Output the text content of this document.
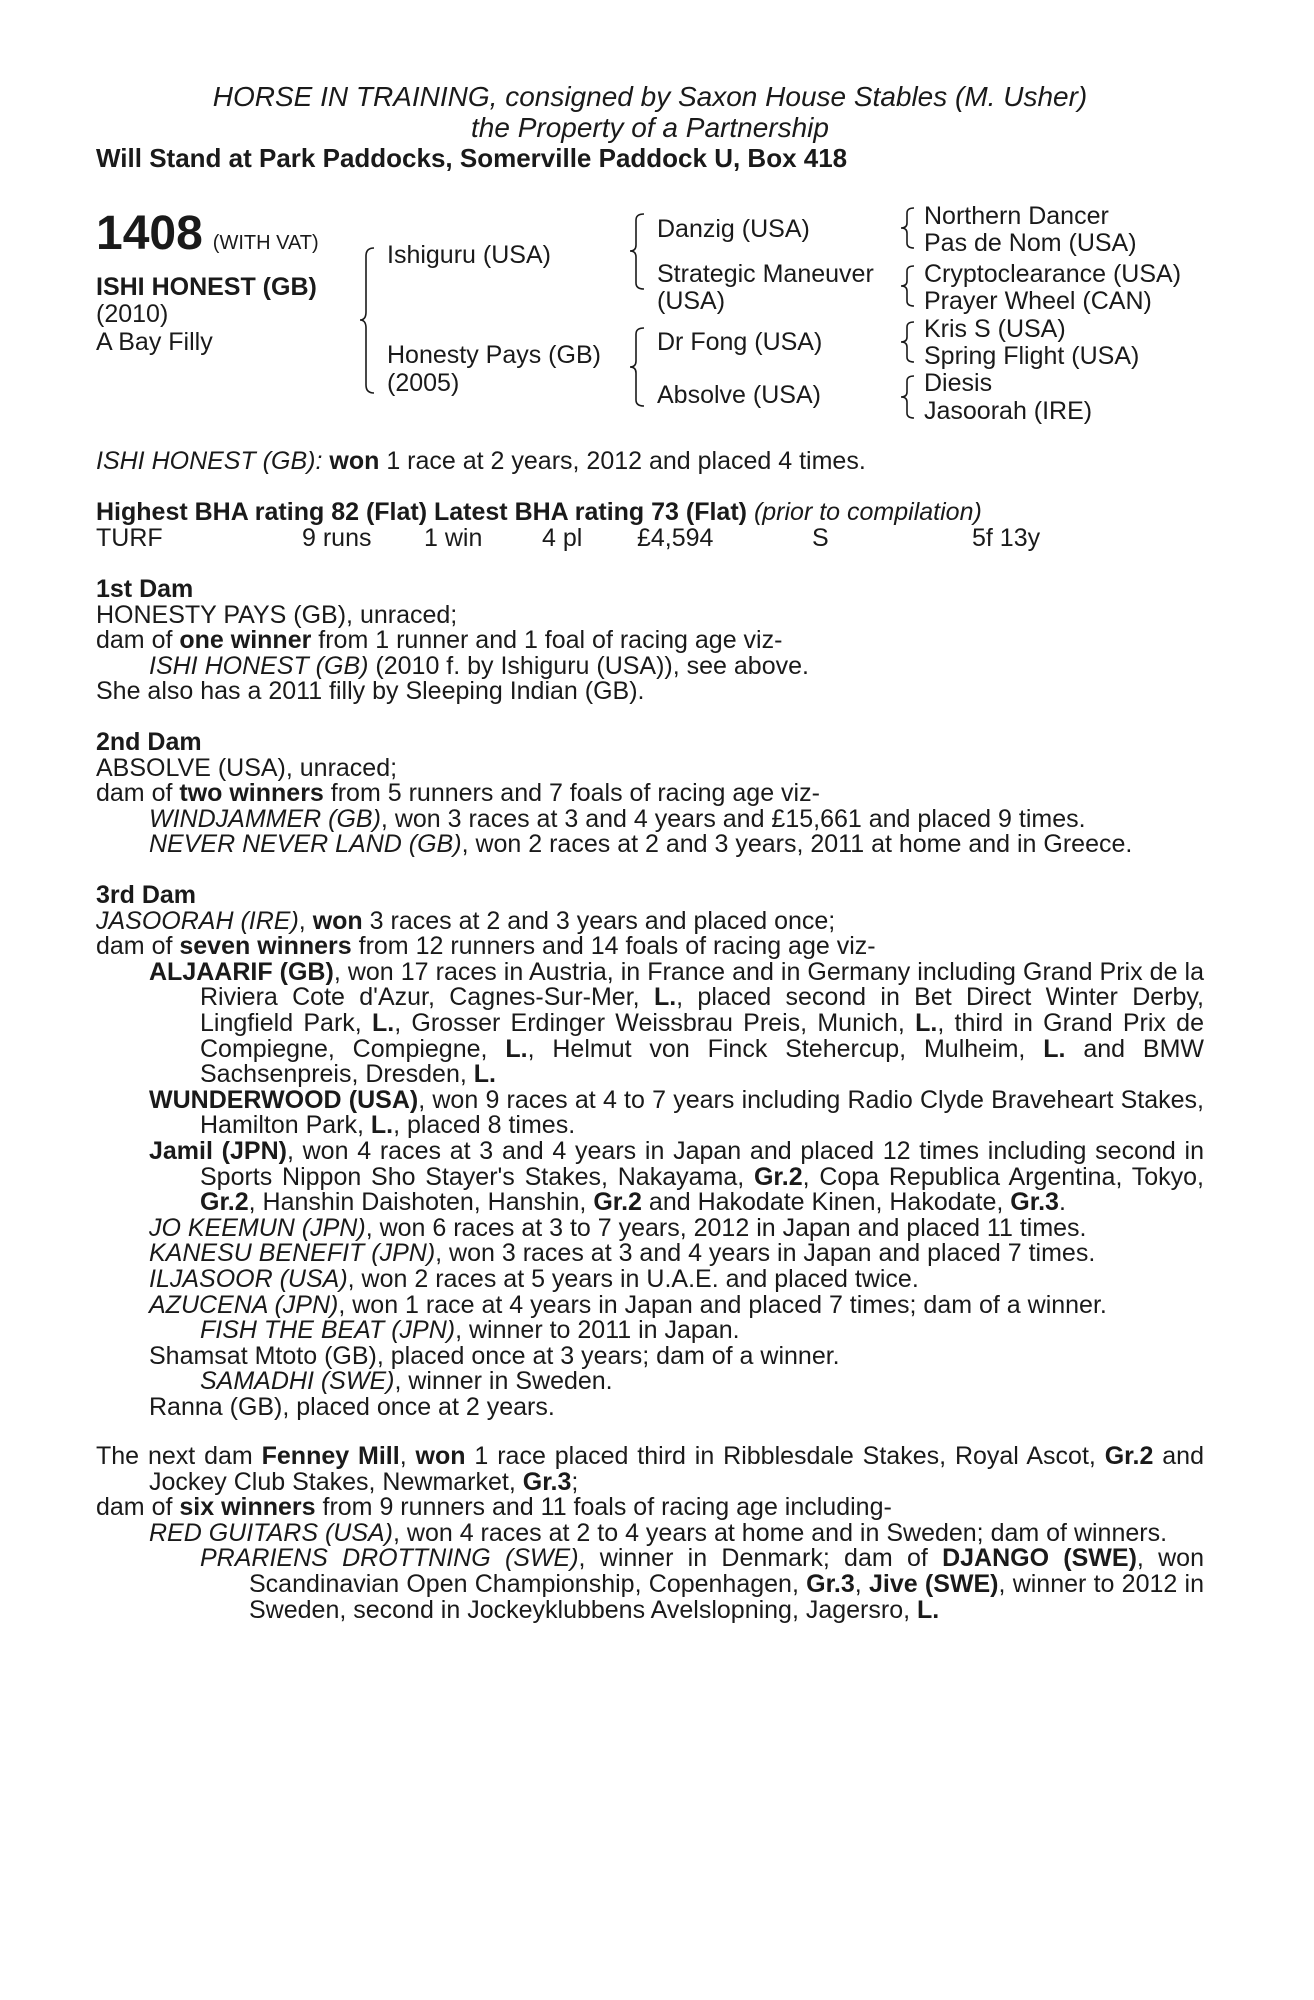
HORSE IN TRAINING, consigned by Saxon House Stables (M. Usher)
the Property of a Partnership
Will Stand at Park Paddocks, Somerville Paddock U, Box 418
1408 (WITH VAT)
ISHI HONEST (GB)
(2010)
A Bay Filly
Ishiguru (USA)
Honesty Pays (GB)
(2005)
Danzig (USA)
Strategic Maneuver
(USA)
Dr Fong (USA)
Absolve (USA)
Northern Dancer
Pas de Nom (USA)
Cryptoclearance (USA)
Prayer Wheel (CAN)
Kris S (USA)
Spring Flight (USA)
Diesis
Jasoorah (IRE)
ISHI HONEST (GB): won 1 race at 2 years, 2012 and placed 4 times.
Highest BHA rating 82 (Flat) Latest BHA rating 73 (Flat) (prior to compilation)
TURF	9 runs 1 win 4 pl £4,594	S	5f 13y

1st Dam

HONESTY PAYS (GB), unraced;

dam of one winner from 1 runner and 1 foal of racing age viz-

ISHI HONEST (GB) (2010 f. by Ishiguru (USA)), see above.

She also has a 2011 filly by Sleeping Indian (GB).

2nd Dam

ABSOLVE (USA), unraced;

dam of two winners from 5 runners and 7 foals of racing age viz-

WINDJAMMER (GB), won 3 races at 3 and 4 years and £15,661 and placed 9 times.

NEVER NEVER LAND (GB), won 2 races at 2 and 3 years, 2011 at home and in Greece.

3rd Dam

JASOORAH (IRE), won 3 races at 2 and 3 years and placed once;

dam of seven winners from 12 runners and 14 foals of racing age viz-

ALJAARIF (GB), won 17 races in Austria, in France and in Germany including Grand Prix de la Riviera Cote d'Azur, Cagnes-Sur-Mer, L., placed second in Bet Direct Winter Derby, Lingfield Park, L., Grosser Erdinger Weissbrau Preis, Munich, L., third in Grand Prix de Compiegne, Compiegne, L., Helmut von Finck Stehercup, Mulheim, L. and BMW Sachsenpreis, Dresden, L.

WUNDERWOOD (USA), won 9 races at 4 to 7 years including Radio Clyde Braveheart Stakes, Hamilton Park, L., placed 8 times.

Jamil (JPN), won 4 races at 3 and 4 years in Japan and placed 12 times including second in Sports Nippon Sho Stayer's Stakes, Nakayama, Gr.2, Copa Republica Argentina, Tokyo, Gr.2, Hanshin Daishoten, Hanshin, Gr.2 and Hakodate Kinen, Hakodate, Gr.3.

JO KEEMUN (JPN), won 6 races at 3 to 7 years, 2012 in Japan and placed 11 times.

KANESU BENEFIT (JPN), won 3 races at 3 and 4 years in Japan and placed 7 times.

ILJASOOR (USA), won 2 races at 5 years in U.A.E. and placed twice.

AZUCENA (JPN), won 1 race at 4 years in Japan and placed 7 times; dam of a winner.

FISH THE BEAT (JPN), winner to 2011 in Japan.

Shamsat Mtoto (GB), placed once at 3 years; dam of a winner.

SAMADHI (SWE), winner in Sweden.

Ranna (GB), placed once at 2 years.

The next dam Fenney Mill, won 1 race placed third in Ribblesdale Stakes, Royal Ascot, Gr.2 and Jockey Club Stakes, Newmarket, Gr.3;

dam of six winners from 9 runners and 11 foals of racing age including-

RED GUITARS (USA), won 4 races at 2 to 4 years at home and in Sweden; dam of winners.

PRARIENS DROTTNING (SWE), winner in Denmark; dam of DJANGO (SWE), won Scandinavian Open Championship, Copenhagen, Gr.3, Jive (SWE), winner to 2012 in Sweden, second in Jockeyklubbens Avelslopning, Jagersro, L.
